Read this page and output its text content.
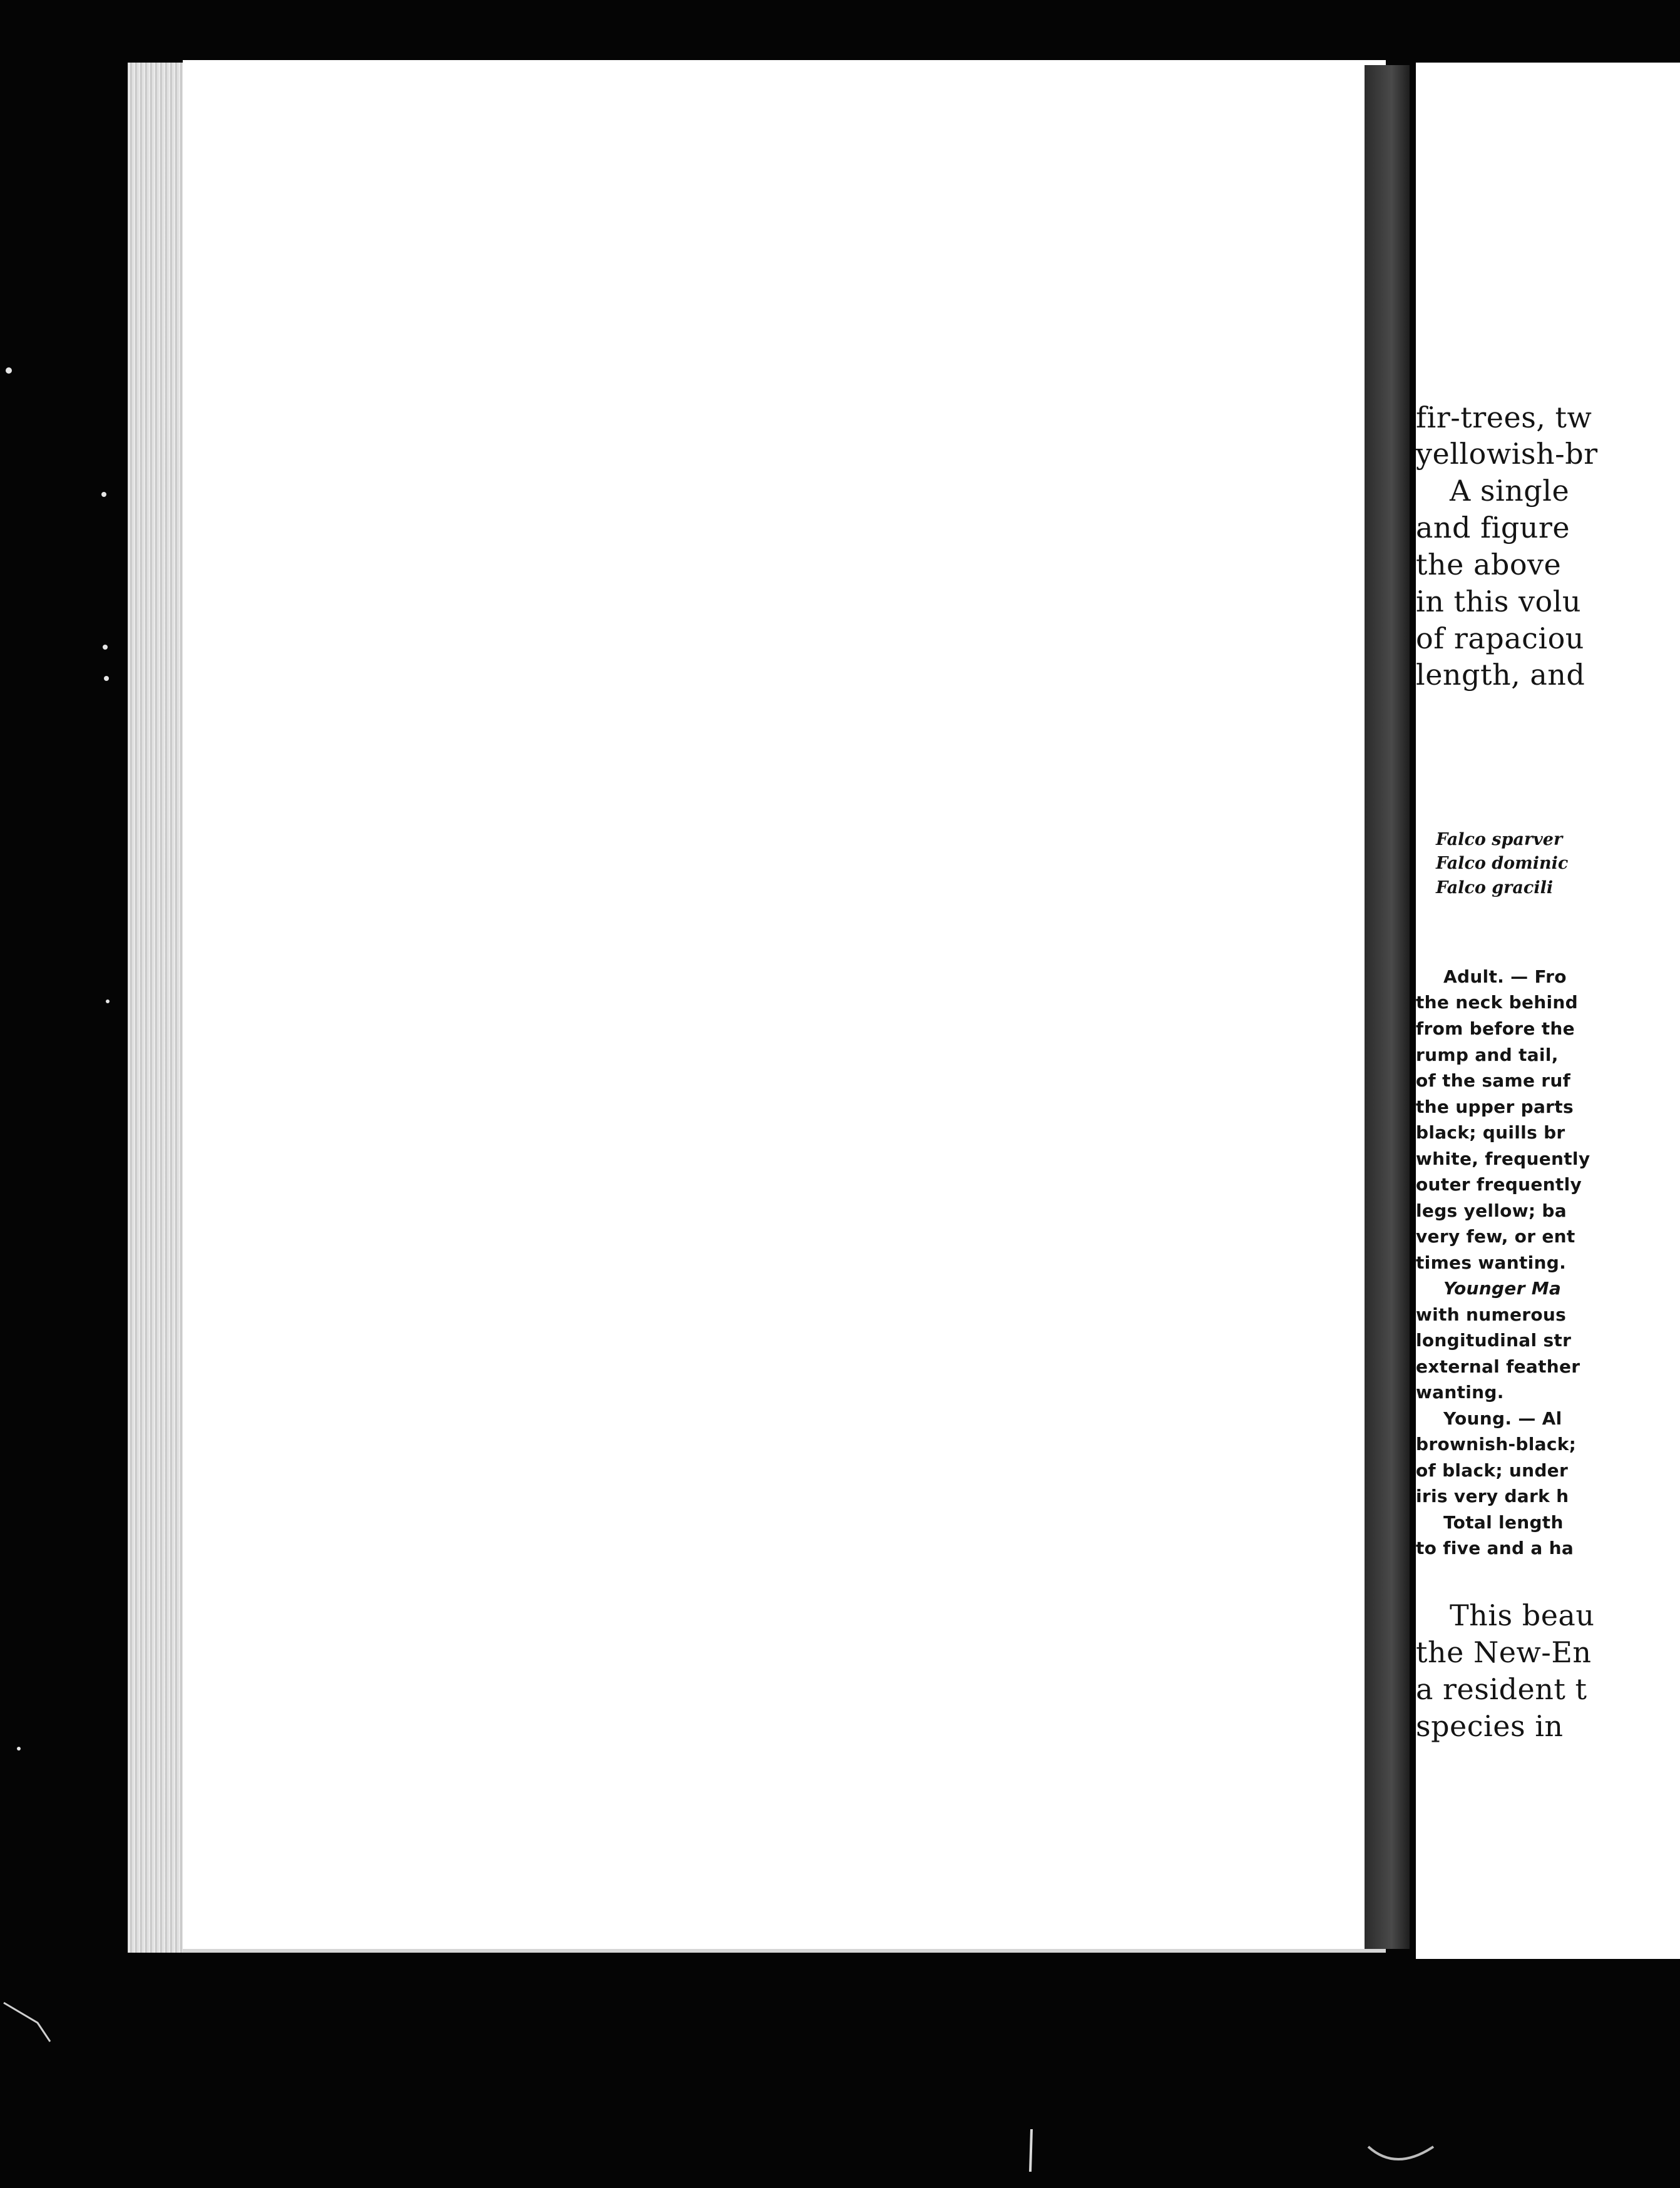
fir-trees, tw
yellowish-br
A single
and figure
the above
in this volu
of rapaciou
length, and
Falco sparver
Falco dominic
Falco gracili
Adult. — Fro
the neck behind
from before the
rump and tail,
of the same ruf
the upper parts
black; quills br
white, frequently
outer frequently
legs yellow; ba
very few, or ent
times wanting.
Younger Ma
with numerous
longitudinal str
external feather
wanting.
Young. — Al
brownish-black;
of black; under
iris very dark h
Total length
to five and a ha
This beau
the New-En
a resident t
species in
